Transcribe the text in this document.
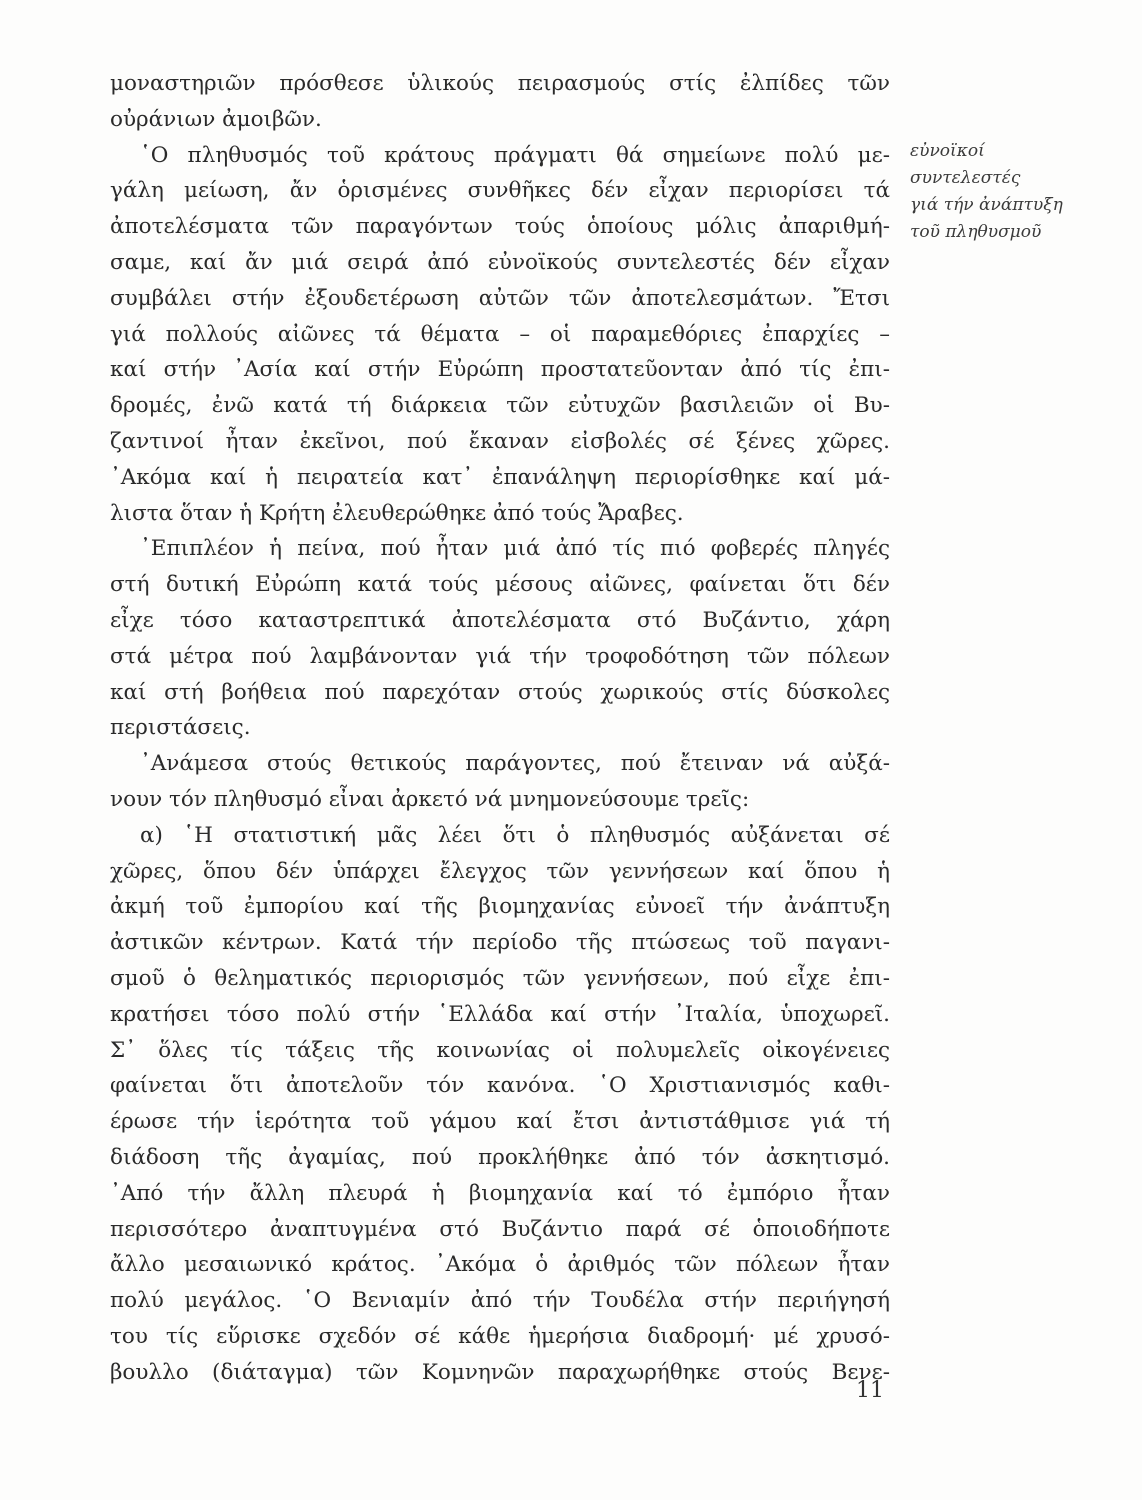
μοναστηριῶν πρόσθεσε ὑλικούς πειρασμούς στίς ἐλπίδες τῶν
οὐράνιων ἀμοιβῶν.
῾Ο πληθυσμός τοῦ κράτους πράγματι θά σημείωνε πολύ με-
γάλη μείωση, ἄν ὁρισμένες συνθῆκες δέν εἶχαν περιορίσει τά
ἀποτελέσματα τῶν παραγόντων τούς ὁποίους μόλις ἀπαριθμή-
σαμε, καί ἄν μιά σειρά ἀπό εὐνοϊκούς συντελεστές δέν εἶχαν
συμβάλει στήν ἐξουδετέρωση αὐτῶν τῶν ἀποτελεσμάτων. Ἔτσι
γιά πολλούς αἰῶνες τά θέματα – οἱ παραμεθόριες ἐπαρχίες –
καί στήν ᾿Ασία καί στήν Εὐρώπη προστατεῦονταν ἀπό τίς ἐπι-
δρομές, ἐνῶ κατά τή διάρκεια τῶν εὐτυχῶν βασιλειῶν οἱ Βυ-
ζαντινοί ἦταν ἐκεῖνοι, πού ἔκαναν εἰσβολές σέ ξένες χῶρες.
᾿Ακόμα καί ἡ πειρατεία κατ᾿ ἐπανάληψη περιορίσθηκε καί μά-
λιστα ὅταν ἡ Κρήτη ἐλευθερώθηκε ἀπό τούς Ἄραβες.
᾿Επιπλέον ἡ πείνα, πού ἦταν μιά ἀπό τίς πιό φοβερές πληγές
στή δυτική Εὐρώπη κατά τούς μέσους αἰῶνες, φαίνεται ὅτι δέν
εἶχε τόσο καταστρεπτικά ἀποτελέσματα στό Βυζάντιο, χάρη
στά μέτρα πού λαμβάνονταν γιά τήν τροφοδότηση τῶν πόλεων
καί στή βοήθεια πού παρεχόταν στούς χωρικούς στίς δύσκολες
περιστάσεις.
᾿Ανάμεσα στούς θετικούς παράγοντες, πού ἔτειναν νά αὐξά-
νουν τόν πληθυσμό εἶναι ἀρκετό νά μνημονεύσουμε τρεῖς:
α) ῾Η στατιστική μᾶς λέει ὅτι ὁ πληθυσμός αὐξάνεται σέ
χῶρες, ὅπου δέν ὑπάρχει ἔλεγχος τῶν γεννήσεων καί ὅπου ἡ
ἀκμή τοῦ ἐμπορίου καί τῆς βιομηχανίας εὐνοεῖ τήν ἀνάπτυξη
ἀστικῶν κέντρων. Κατά τήν περίοδο τῆς πτώσεως τοῦ παγανι-
σμοῦ ὁ θεληματικός περιορισμός τῶν γεννήσεων, πού εἶχε ἐπι-
κρατήσει τόσο πολύ στήν ῾Ελλάδα καί στήν ᾿Ιταλία, ὑποχωρεῖ.
Σ᾿ ὅλες τίς τάξεις τῆς κοινωνίας οἱ πολυμελεῖς οἰκογένειες
φαίνεται ὅτι ἀποτελοῦν τόν κανόνα. ῾Ο Χριστιανισμός καθι-
έρωσε τήν ἱερότητα τοῦ γάμου καί ἔτσι ἀντιστάθμισε γιά τή
διάδοση τῆς ἀγαμίας, πού προκλήθηκε ἀπό τόν ἀσκητισμό.
᾿Από τήν ἄλλη πλευρά ἡ βιομηχανία καί τό ἐμπόριο ἦταν
περισσότερο ἀναπτυγμένα στό Βυζάντιο παρά σέ ὁποιοδήποτε
ἄλλο μεσαιωνικό κράτος. ᾿Ακόμα ὁ ἀριθμός τῶν πόλεων ἦταν
πολύ μεγάλος. ῾Ο Βενιαμίν ἀπό τήν Τουδέλα στήν περιήγησή
του τίς εὕρισκε σχεδόν σέ κάθε ἡμερήσια διαδρομή· μέ χρυσό-
βουλλο (διάταγμα) τῶν Κομνηνῶν παραχωρήθηκε στούς Βενε-
εὐνοϊκοί
συντελεστές
γιά τήν ἀνάπτυξη
τοῦ πληθυσμοῦ
11
